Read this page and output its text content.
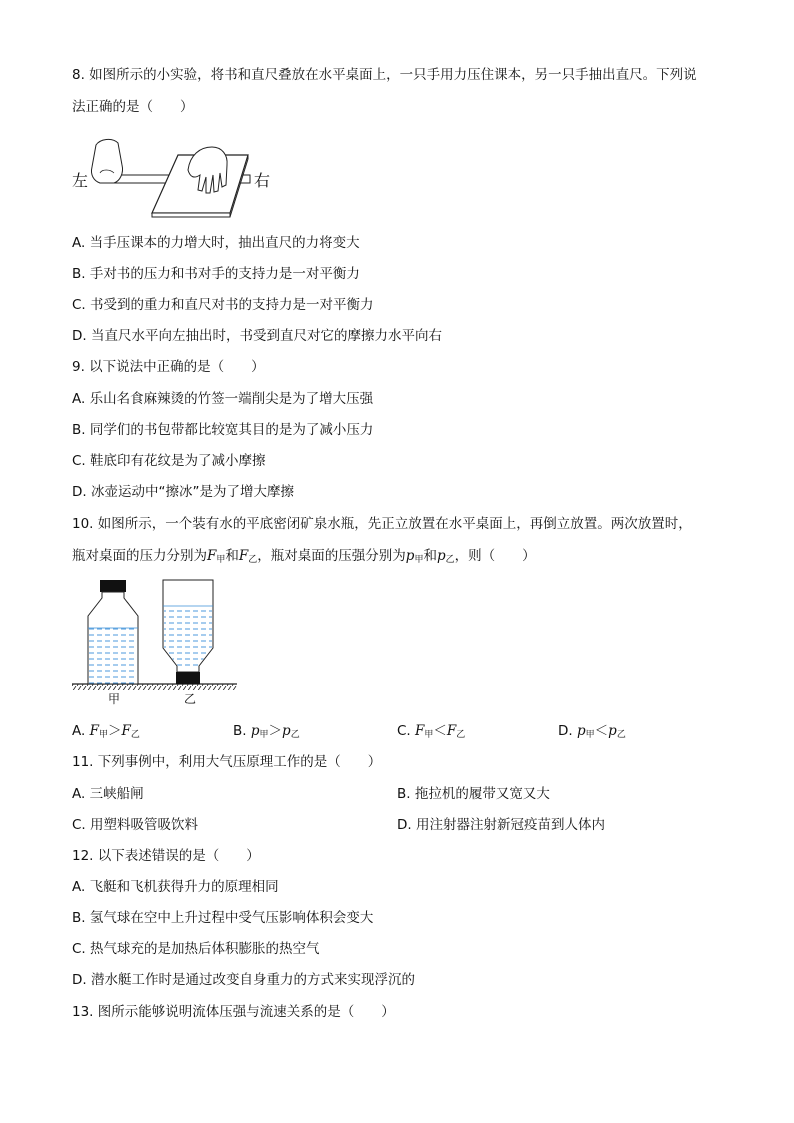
8. 如图所示的小实验，将书和直尺叠放在水平桌面上，一只手用力压住课本，另一只手抽出直尺。下列说
法正确的是（　　）
左	右
A. 当手压课本的力增大时，抽出直尺的力将变大
B. 手对书的压力和书对手的支持力是一对平衡力
C. 书受到的重力和直尺对书的支持力是一对平衡力
D. 当直尺水平向左抽出时，书受到直尺对它的摩擦力水平向右
9. 以下说法中正确的是（　　）
A. 乐山名食麻辣烫的竹签一端削尖是为了增大压强
B. 同学们的书包带都比较宽其目的是为了减小压力
C. 鞋底印有花纹是为了减小摩擦
D. 冰壶运动中“擦冰”是为了增大摩擦
10. 如图所示，一个装有水的平底密闭矿泉水瓶，先正立放置在水平桌面上，再倒立放置。两次放置时，
瓶对桌面的压力分别为$F_甲$和$F_乙$，瓶对桌面的压强分别为$p_甲$和$p_乙$，则（　　）
甲	乙
A. $F_甲>F_乙$	B. $p_甲>p_乙$	C. $F_甲<F_乙$	D. $p_甲<p_乙$
11. 下列事例中，利用大气压原理工作的是（　　）
A. 三峡船闸	B. 拖拉机的履带又宽又大
C. 用塑料吸管吸饮料	D. 用注射器注射新冠疫苗到人体内
12. 以下表述错误的是（　　）
A. 飞艇和飞机获得升力的原理相同
B. 氢气球在空中上升过程中受气压影响体积会变大
C. 热气球充的是加热后体积膨胀的热空气
D. 潜水艇工作时是通过改变自身重力的方式来实现浮沉的
13. 图所示能够说明流体压强与流速关系的是（　　）
